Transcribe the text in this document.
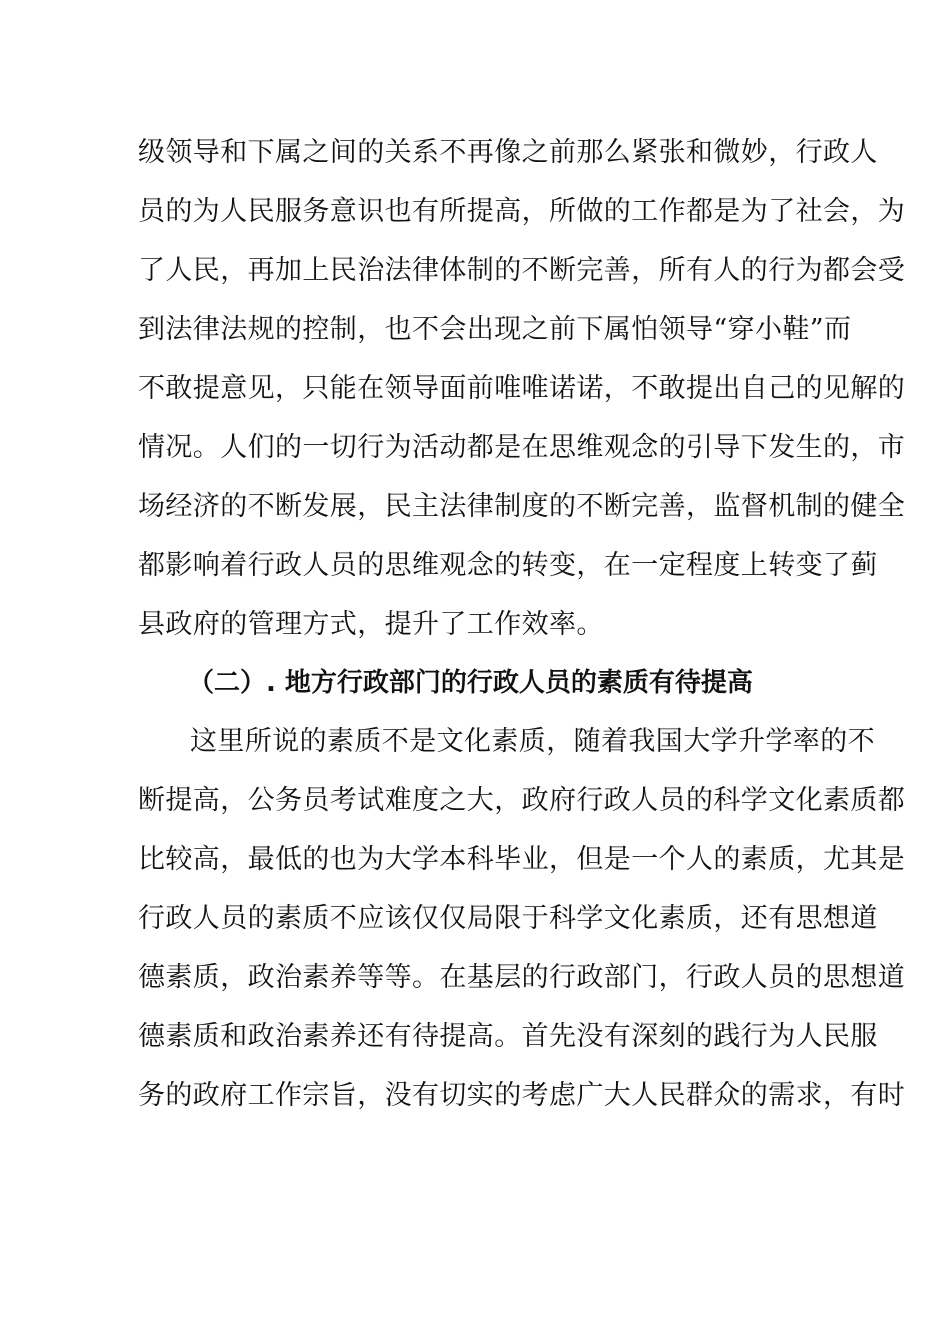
级领导和下属之间的关系不再像之前那么紧张和微妙，行政人
员的为人民服务意识也有所提高，所做的工作都是为了社会，为
了人民，再加上民治法律体制的不断完善，所有人的行为都会受
到法律法规的控制，也不会出现之前下属怕领导“穿小鞋”而
不敢提意见，只能在领导面前唯唯诺诺，不敢提出自己的见解的
情况。人们的一切行为活动都是在思维观念的引导下发生的，市
场经济的不断发展，民主法律制度的不断完善，监督机制的健全
都影响着行政人员的思维观念的转变，在一定程度上转变了蓟
县政府的管理方式，提升了工作效率。
（二）. 地方行政部门的行政人员的素质有待提高
这里所说的素质不是文化素质，随着我国大学升学率的不
断提高，公务员考试难度之大，政府行政人员的科学文化素质都
比较高，最低的也为大学本科毕业，但是一个人的素质，尤其是
行政人员的素质不应该仅仅局限于科学文化素质，还有思想道
德素质，政治素养等等。在基层的行政部门，行政人员的思想道
德素质和政治素养还有待提高。首先没有深刻的践行为人民服
务的政府工作宗旨，没有切实的考虑广大人民群众的需求，有时
